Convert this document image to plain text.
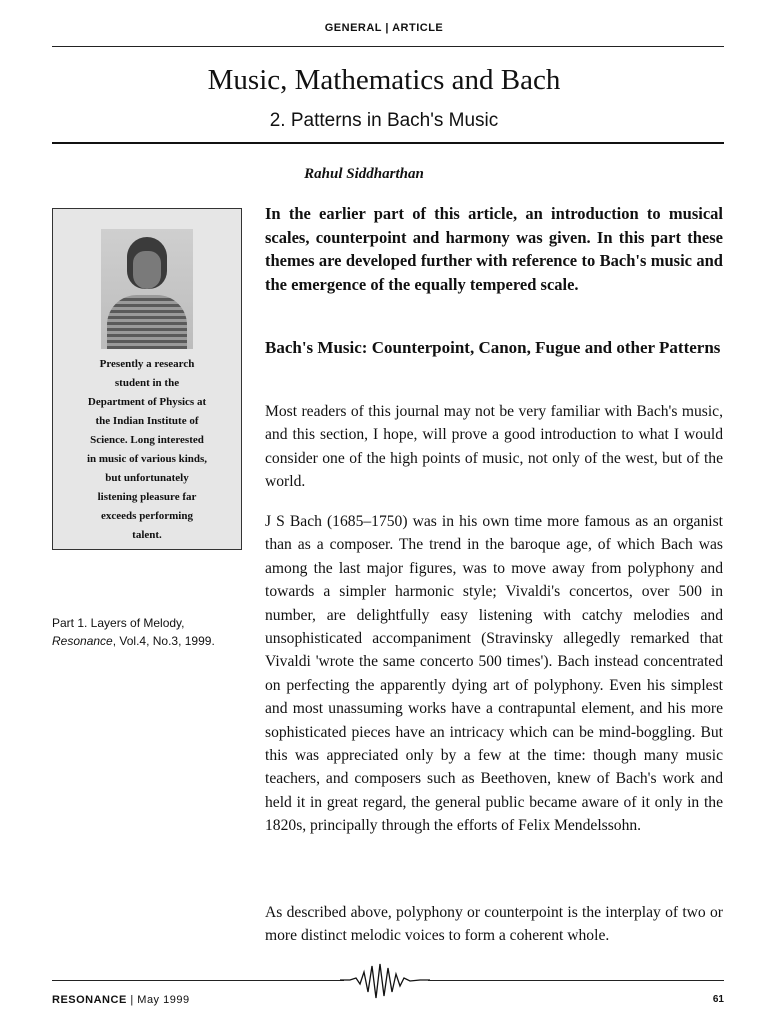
GENERAL | ARTICLE
Music, Mathematics and Bach
2. Patterns in Bach's Music
Rahul Siddharthan
Presently a research
student in the
Department of Physics at
the Indian Institute of
Science. Long interested
in music of various kinds,
but unfortunately
listening pleasure far
exceeds performing
talent.
Part 1. Layers of Melody,
Resonance, Vol.4, No.3, 1999.
In the earlier part of this article, an introduction to musical scales, counterpoint and harmony was given. In this part these themes are developed further with reference to Bach's music and the emergence of the equally tempered scale.
Bach's Music: Counterpoint, Canon, Fugue and other Patterns
Most readers of this journal may not be very familiar with Bach's music, and this section, I hope, will prove a good introduction to what I would consider one of the high points of music, not only of the west, but of the world.
J S Bach (1685–1750) was in his own time more famous as an organist than as a composer. The trend in the baroque age, of which Bach was among the last major figures, was to move away from polyphony and towards a simpler harmonic style; Vivaldi's concertos, over 500 in number, are delightfully easy listening with catchy melodies and unsophisticated accompaniment (Stravinsky allegedly remarked that Vivaldi 'wrote the same concerto 500 times'). Bach instead concentrated on perfecting the apparently dying art of polyphony. Even his simplest and most unassuming works have a contrapuntal element, and his more sophisticated pieces have an intricacy which can be mind-boggling. But this was appreciated only by a few at the time: though many music teachers, and composers such as Beethoven, knew of Bach's work and held it in great regard, the general public became aware of it only in the 1820s, principally through the efforts of Felix Mendelssohn.
As described above, polyphony or counterpoint is the interplay of two or more distinct melodic voices to form a coherent whole.
RESONANCE | May 1999	61
